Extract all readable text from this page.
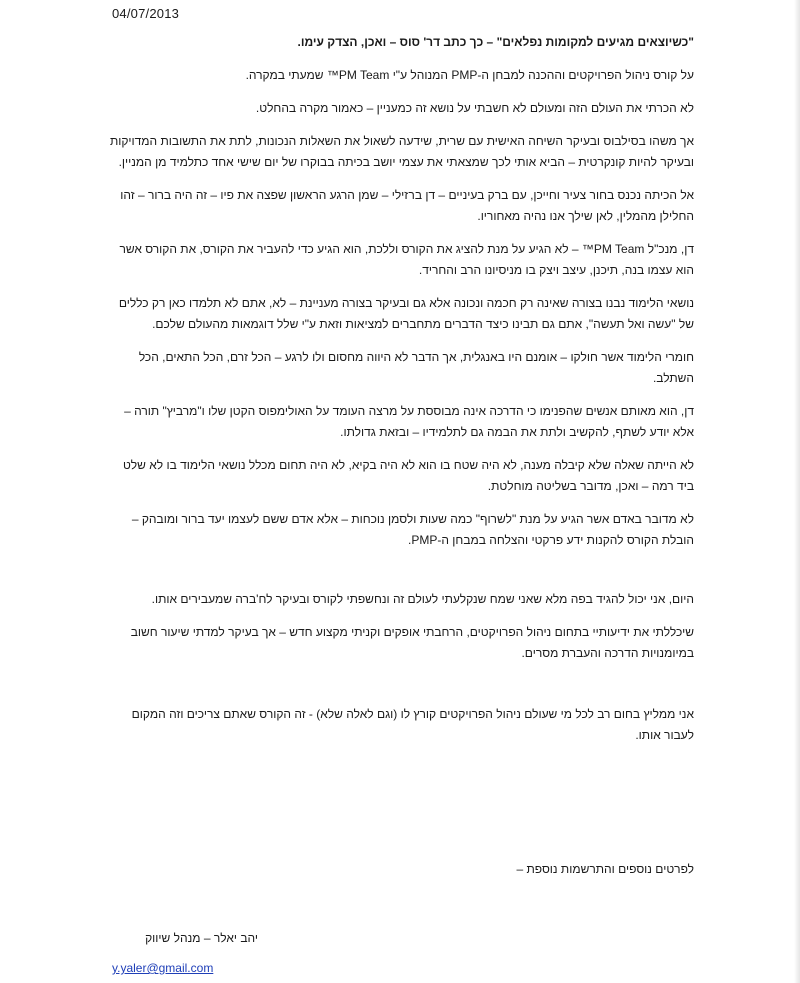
04/07/2013

"כשיוצאים מגיעים למקומות נפלאים" – כך כתב דר' סוס – ואכן, הצדק עימו.

על קורס ניהול הפרויקטים וההכנה למבחן ה-PMP המנוהל ע"י PM Team™ שמעתי במקרה.

לא הכרתי את העולם הזה ומעולם לא חשבתי על נושא זה כמעניין – כאמור מקרה בהחלט.

אך משהו בסילבוס ובעיקר השיחה האישית עם שרית, שידעה לשאול את השאלות הנכונות, לתת את התשובות המדויקות ובעיקר להיות קונקרטית – הביא אותי לכך שמצאתי את עצמי יושב בכיתה בבוקרו של יום שישי אחד כתלמיד מן המניין.

אל הכיתה נכנס בחור צעיר וחייכן, עם ברק בעיניים – דן ברזילי – שמן הרגע הראשון שפצה את פיו – זה היה ברור – זהו החלילן מהמלין, לאן שילך אנו נהיה מאחוריו.

דן, מנכ"ל PM Team™ – לא הגיע על מנת להציג את הקורס וללכת, הוא הגיע כדי להעביר את הקורס, את הקורס אשר הוא עצמו בנה, תיכנן, עיצב ויצק בו מניסיונו הרב והחריד.

נושאי הלימוד נבנו בצורה שאינה רק חכמה ונכונה אלא גם ובעיקר בצורה מעניינת – לא, אתם לא תלמדו כאן רק כללים של "עשה ואל תעשה", אתם גם תבינו כיצד הדברים מתחברים למציאות וזאת ע"י שלל דוגמאות מהעולם שלכם.

חומרי הלימוד אשר חולקו – אומנם היו באנגלית, אך הדבר לא היווה מחסום ולו לרגע – הכל זרם, הכל התאים, הכל השתלב.

דן, הוא מאותם אנשים שהפנימו כי הדרכה אינה מבוססת על מרצה העומד על האולימפוס הקטן שלו ו"מרביץ" תורה – אלא יודע לשתף, להקשיב ולתת את הבמה גם לתלמידיו – ובזאת גדולתו.

לא הייתה שאלה שלא קיבלה מענה, לא היה שטח בו הוא לא היה בקיא, לא היה תחום מכלל נושאי הלימוד בו לא שלט ביד רמה – ואכן, מדובר בשליטה מוחלטת.

לא מדובר באדם אשר הגיע על מנת "לשרוף" כמה שעות ולסמן נוכחות – אלא אדם ששם לעצמו יעד ברור ומובהק – הובלת הקורס להקנות ידע פרקטי והצלחה במבחן ה-PMP.

היום, אני יכול להגיד בפה מלא שאני שמח שנקלעתי לעולם זה ונחשפתי לקורס ובעיקר לח'ברה שמעבירים אותו.

שיכללתי את ידיעותיי בתחום ניהול הפרויקטים, הרחבתי אופקים וקניתי מקצוע חדש – אך בעיקר למדתי שיעור חשוב במיומנויות הדרכה והעברת מסרים.

אני ממליץ בחום רב לכל מי שעולם ניהול הפרויקטים קורץ לו (וגם לאלה שלא) - זה הקורס שאתם צריכים וזה המקום לעבור אותו.

לפרטים נוספים והתרשמות נוספת –
יהב יאלר – מנהל שיווק
y.yaler@gmail.com
